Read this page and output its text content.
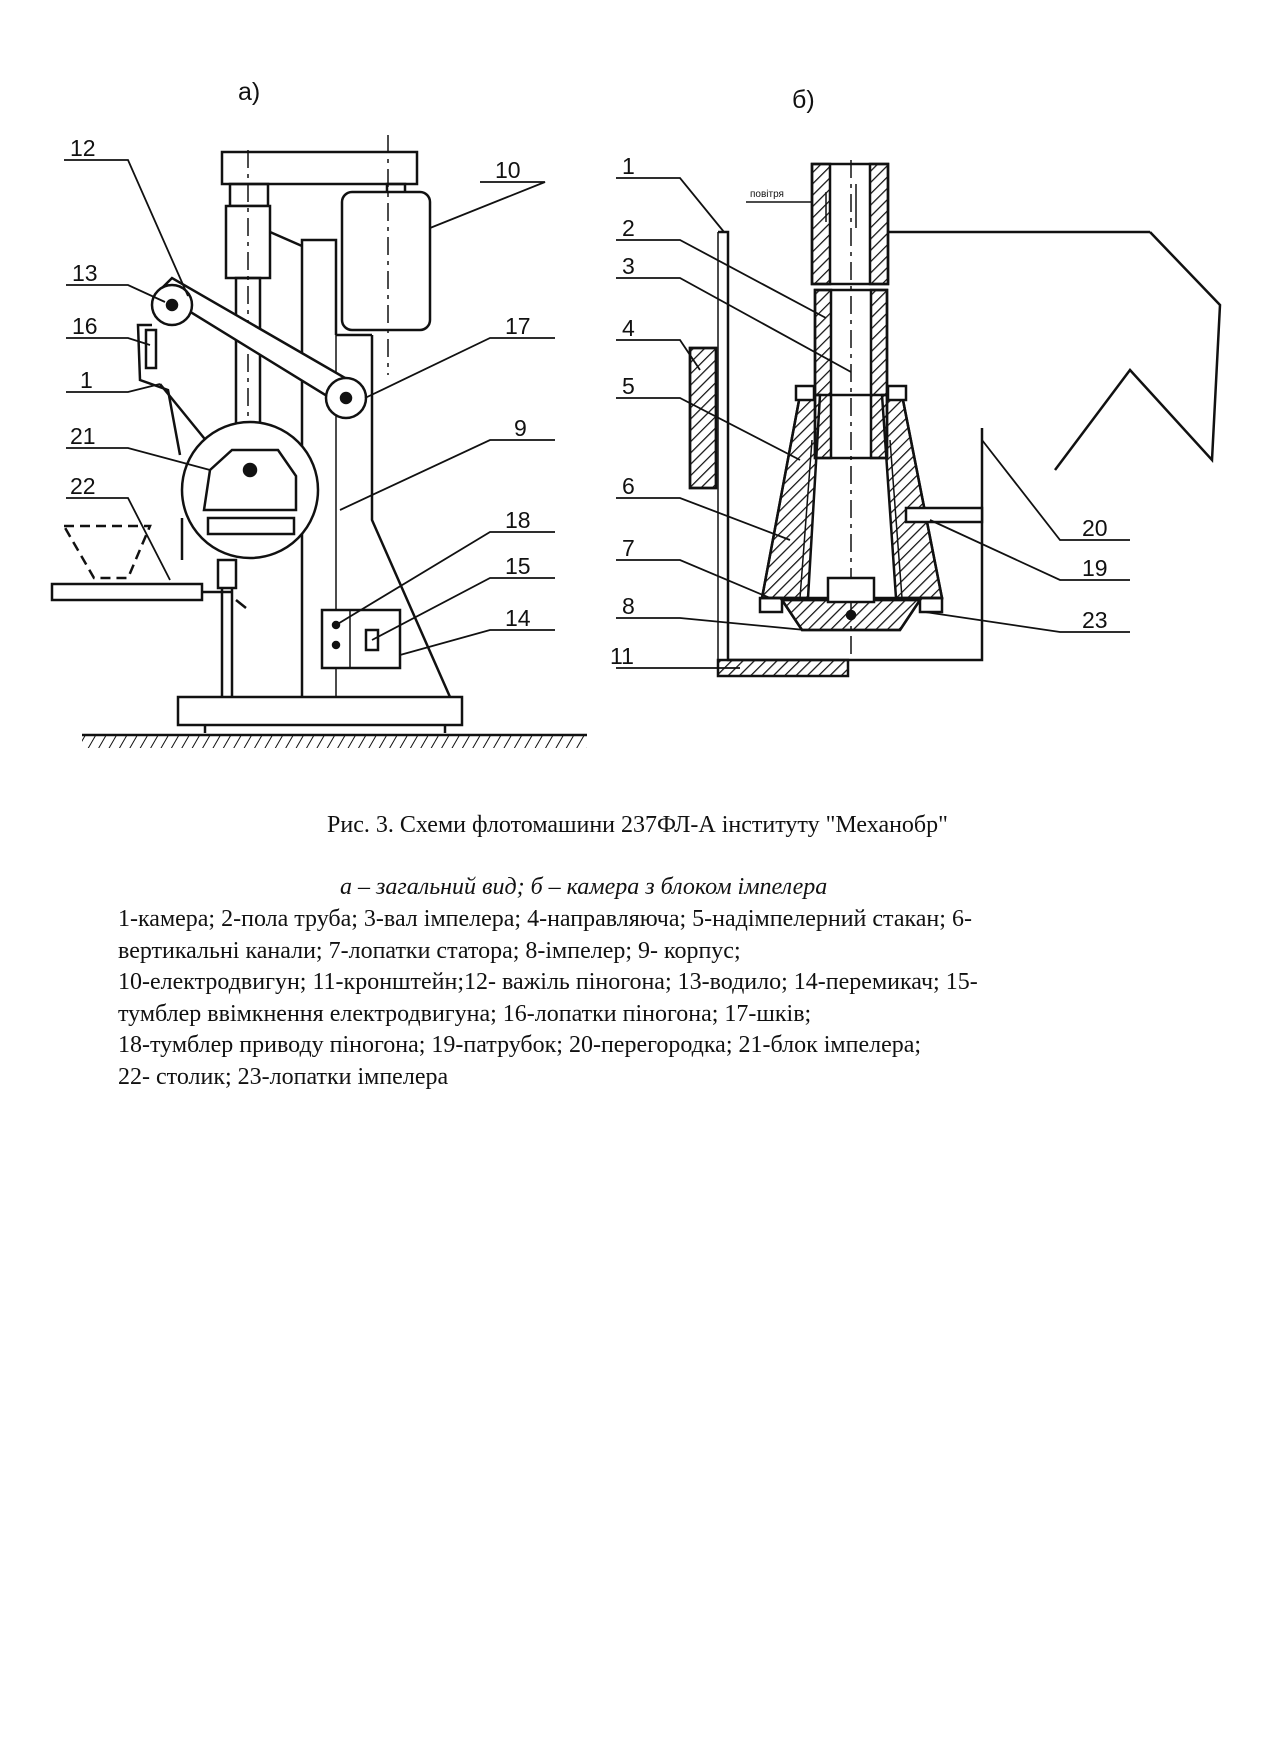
12
10
13
16	17
1
21	9
22
18
15
14
а)
1
2
3
4
5
6
7
8
11
20
19
23
б)
повітря
Рис. 3. Схеми флотомашини 237ФЛ-А інституту "Механобр"
а – загальний вид; б – камера з блоком імпелера
1-камера; 2-пола труба; 3-вал імпелера; 4-направляюча; 5-надімпелерний стакан; 6-
вертикальні канали; 7-лопатки статора; 8-імпелер; 9- корпус;
10-електродвигун; 11-кронштейн;12- важіль піногона; 13-водило; 14-перемикач; 15-
тумблер ввімкнення електродвигуна; 16-лопатки піногона; 17-шків;
18-тумблер приводу піногона; 19-патрубок; 20-перегородка; 21-блок імпелера;
22- столик; 23-лопатки імпелера
